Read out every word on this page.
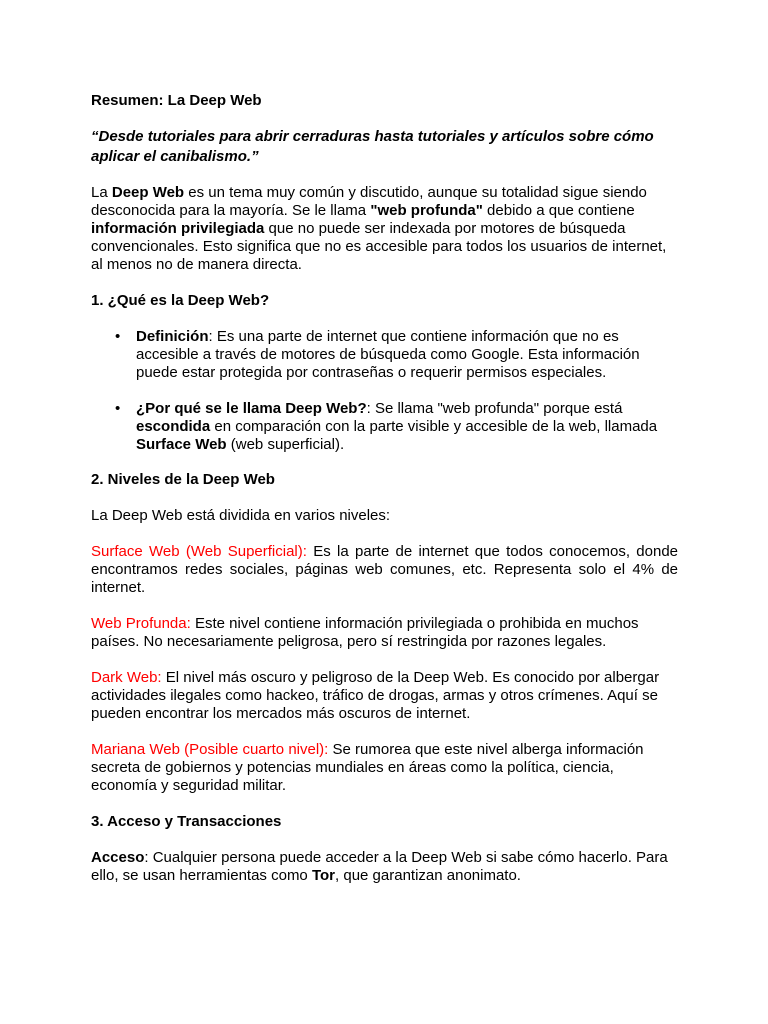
Resumen: La Deep Web

“Desde tutoriales para abrir cerraduras hasta tutoriales y artículos sobre cómo aplicar el canibalismo.”

La Deep Web es un tema muy común y discutido, aunque su totalidad sigue siendo desconocida para la mayoría. Se le llama "web profunda" debido a que contiene información privilegiada que no puede ser indexada por motores de búsqueda convencionales. Esto significa que no es accesible para todos los usuarios de internet, al menos no de manera directa.

1. ¿Qué es la Deep Web?
• Definición: Es una parte de internet que contiene información que no es accesible a través de motores de búsqueda como Google. Esta información puede estar protegida por contraseñas o requerir permisos especiales.
• ¿Por qué se le llama Deep Web?: Se llama "web profunda" porque está escondida en comparación con la parte visible y accesible de la web, llamada Surface Web (web superficial).
2. Niveles de la Deep Web

La Deep Web está dividida en varios niveles:

Surface Web (Web Superficial): Es la parte de internet que todos conocemos, donde encontramos redes sociales, páginas web comunes, etc. Representa solo el 4% de internet.

Web Profunda: Este nivel contiene información privilegiada o prohibida en muchos países. No necesariamente peligrosa, pero sí restringida por razones legales.

Dark Web: El nivel más oscuro y peligroso de la Deep Web. Es conocido por albergar actividades ilegales como hackeo, tráfico de drogas, armas y otros crímenes. Aquí se pueden encontrar los mercados más oscuros de internet.

Mariana Web (Posible cuarto nivel): Se rumorea que este nivel alberga información secreta de gobiernos y potencias mundiales en áreas como la política, ciencia, economía y seguridad militar.

3. Acceso y Transacciones

Acceso: Cualquier persona puede acceder a la Deep Web si sabe cómo hacerlo. Para ello, se usan herramientas como Tor, que garantizan anonimato.
